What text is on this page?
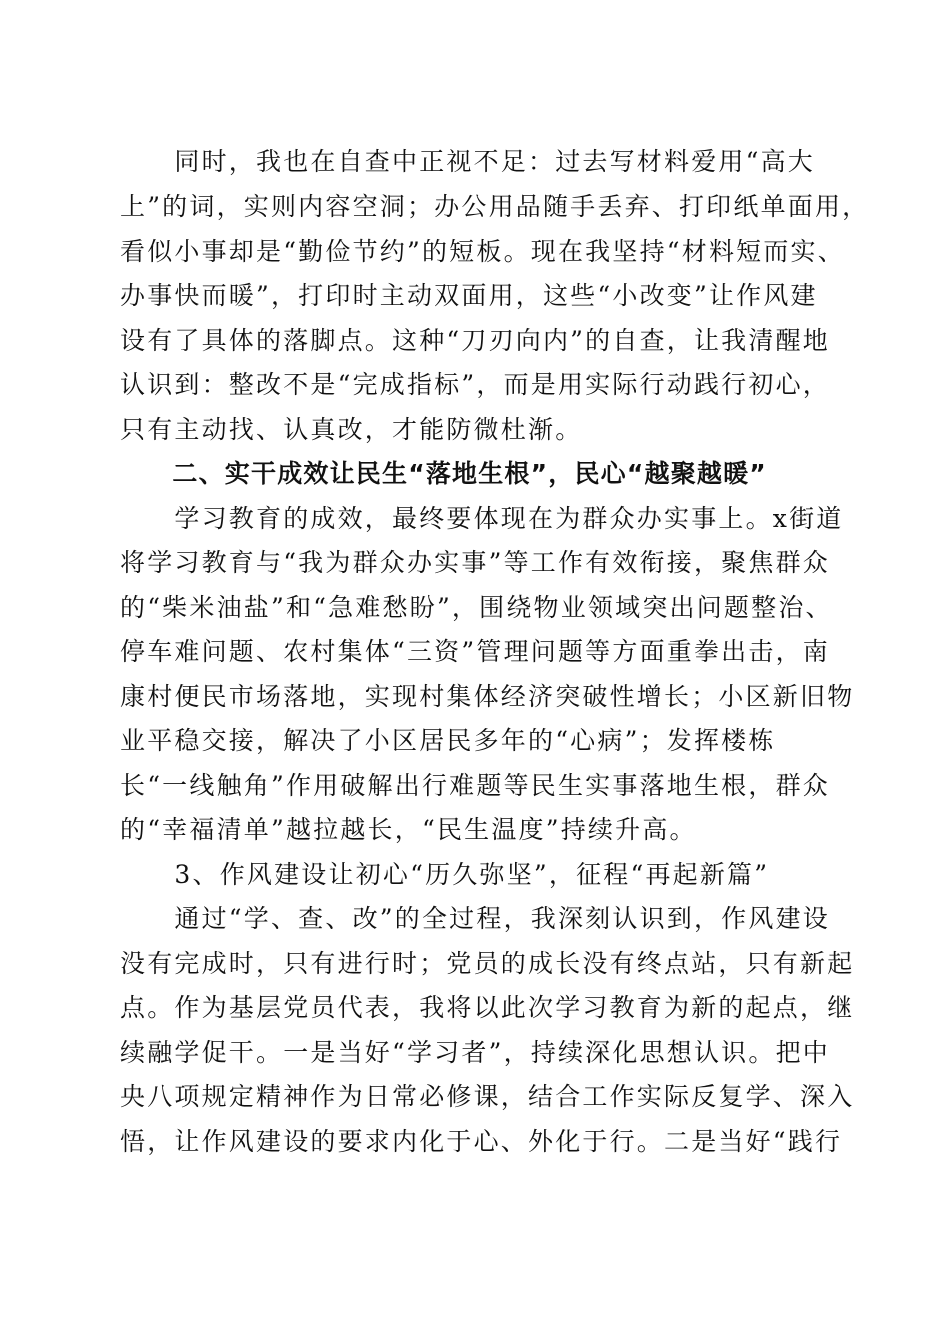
　　同时，我也在自查中正视不足：过去写材料爱用“高大
上”的词，实则内容空洞；办公用品随手丢弃、打印纸单面用，
看似小事却是“勤俭节约”的短板。现在我坚持“材料短而实、
办事快而暖”，打印时主动双面用，这些“小改变”让作风建
设有了具体的落脚点。这种“刀刃向内”的自查，让我清醒地
认识到：整改不是“完成指标”，而是用实际行动践行初心，
只有主动找、认真改，才能防微杜渐。
　　二、实干成效让民生“落地生根”，民心“越聚越暖”
　　学习教育的成效，最终要体现在为群众办实事上。x街道
将学习教育与“我为群众办实事”等工作有效衔接，聚焦群众
的“柴米油盐”和“急难愁盼”，围绕物业领域突出问题整治、
停车难问题、农村集体“三资”管理问题等方面重拳出击，南
康村便民市场落地，实现村集体经济突破性增长；小区新旧物
业平稳交接，解决了小区居民多年的“心病”；发挥楼栋
长“一线触角”作用破解出行难题等民生实事落地生根，群众
的“幸福清单”越拉越长，“民生温度”持续升高。
　　3、作风建设让初心“历久弥坚”，征程“再起新篇”
　　通过“学、查、改”的全过程，我深刻认识到，作风建设
没有完成时，只有进行时；党员的成长没有终点站，只有新起
点。作为基层党员代表，我将以此次学习教育为新的起点，继
续融学促干。一是当好“学习者”，持续深化思想认识。把中
央八项规定精神作为日常必修课，结合工作实际反复学、深入
悟，让作风建设的要求内化于心、外化于行。二是当好“践行
